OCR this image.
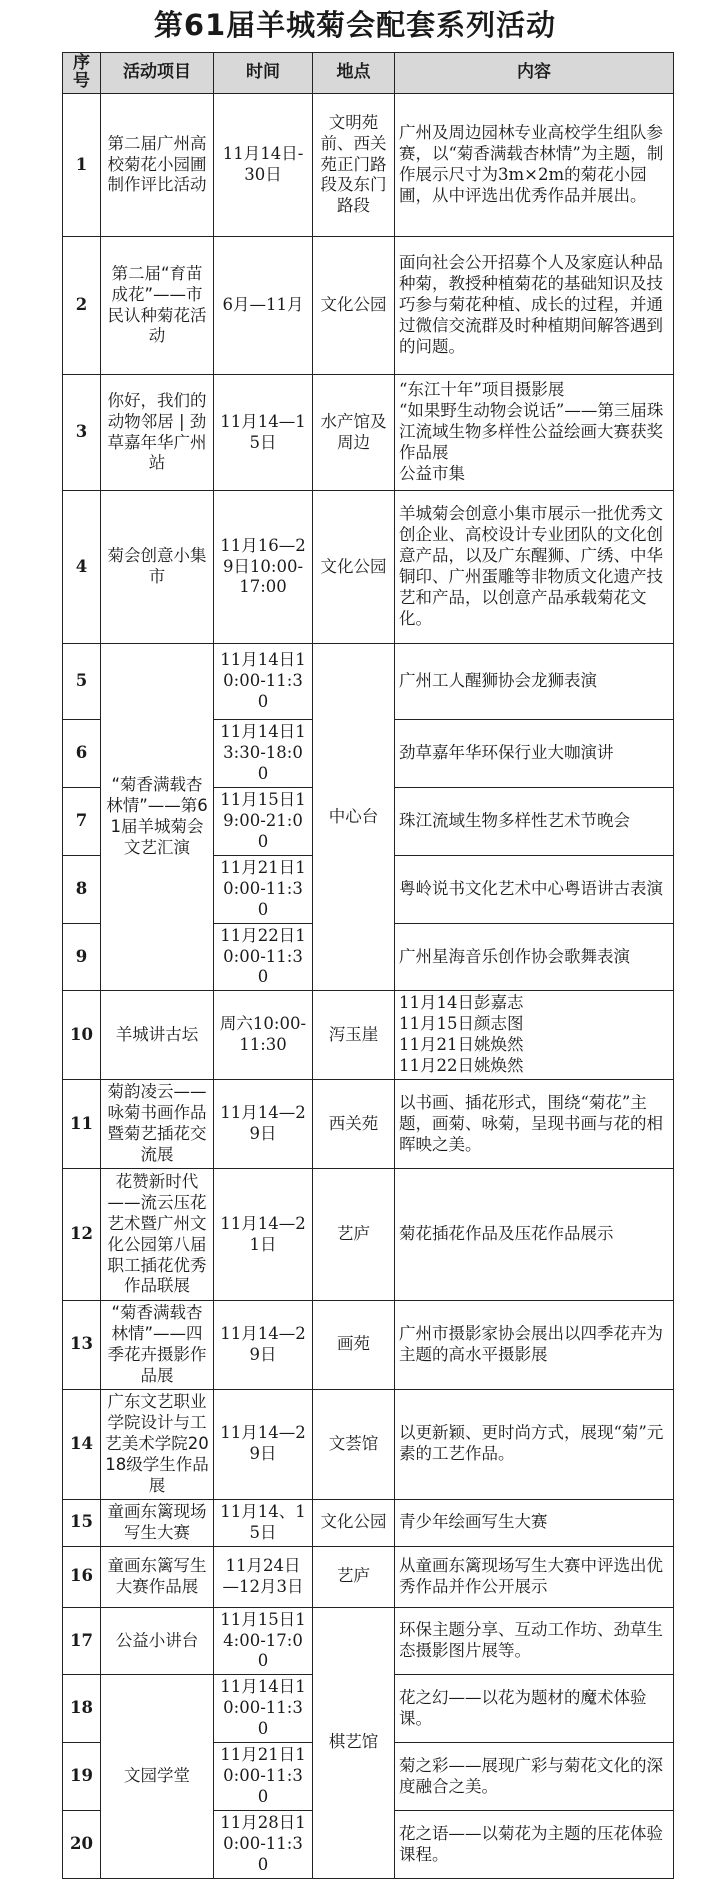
第61届羊城菊会配套系列活动
序号	活动项目	时间	地点	内容
1	第二届广州高校菊花小园圃制作评比活动	11月14日-30日	文明苑前、西关苑正门路段及东门路段	广州及周边园林专业高校学生组队参赛，以“菊香满载杏林情”为主题，制作展示尺寸为3m×2m的菊花小园圃，从中评选出优秀作品并展出。

2	第二届“育苗成花”——市民认种菊花活动	6月—11月	文化公园	面向社会公开招募个人及家庭认种品种菊，教授种植菊花的基础知识及技巧参与菊花种植、成长的过程，并通过微信交流群及时种植期间解答遇到的问题。

3	你好，我们的动物邻居 | 劲草嘉年华广州站	11月14—15日	水产馆及周边	“东江十年”项目摄影展
“如果野生动物会说话”——第三届珠江流域生物多样性公益绘画大赛获奖作品展
公益市集

4	菊会创意小集市	11月16—29日10:00-17:00	文化公园	羊城菊会创意小集市展示一批优秀文创企业、高校设计专业团队的文化创意产品，以及广东醒狮、广绣、中华铜印、广州蛋雕等非物质文化遗产技艺和产品，以创意产品承载菊花文化。

5	“菊香满载杏林情”——第61届羊城菊会文艺汇演	11月14日10:00-11:30	中心台	广州工人醒狮协会龙狮表演

6		11月14日13:30-18:00		劲草嘉年华环保行业大咖演讲

7		11月15日19:00-21:00		珠江流域生物多样性艺术节晚会

8		11月21日10:00-11:30		粤岭说书文化艺术中心粤语讲古表演

9		11月22日10:00-11:30		广州星海音乐创作协会歌舞表演

10	羊城讲古坛	周六10:00-11:30	泻玉崖	11月14日彭嘉志
11月15日颜志图
11月21日姚焕然
11月22日姚焕然

11	菊韵凌云——咏菊书画作品暨菊艺插花交流展	11月14—29日	西关苑	以书画、插花形式，围绕“菊花”主题，画菊、咏菊，呈现书画与花的相晖映之美。

12	花赞新时代——流云压花艺术暨广州文化公园第八届职工插花优秀作品联展	11月14—21日	艺庐	菊花插花作品及压花作品展示

13	“菊香满载杏林情”——四季花卉摄影作品展	11月14—29日	画苑	广州市摄影家协会展出以四季花卉为主题的高水平摄影展

14	广东文艺职业学院设计与工艺美术学院2018级学生作品展	11月14—29日	文荟馆	以更新颖、更时尚方式，展现“菊”元素的工艺作品。

15	童画东篱现场写生大赛	11月14、15日	文化公园	青少年绘画写生大赛

16	童画东篱写生大赛作品展	11月24日—12月3日	艺庐	从童画东篱现场写生大赛中评选出优秀作品并作公开展示

17	公益小讲台	11月15日14:00-17:00	棋艺馆	环保主题分享、互动工作坊、劲草生态摄影图片展等。

18	文园学堂	11月14日10:00-11:30		花之幻——以花为题材的魔术体验课。

19		11月21日10:00-11:30		菊之彩——展现广彩与菊花文化的深度融合之美。

20		11月28日10:00-11:30		花之语——以菊花为主题的压花体验课程。
